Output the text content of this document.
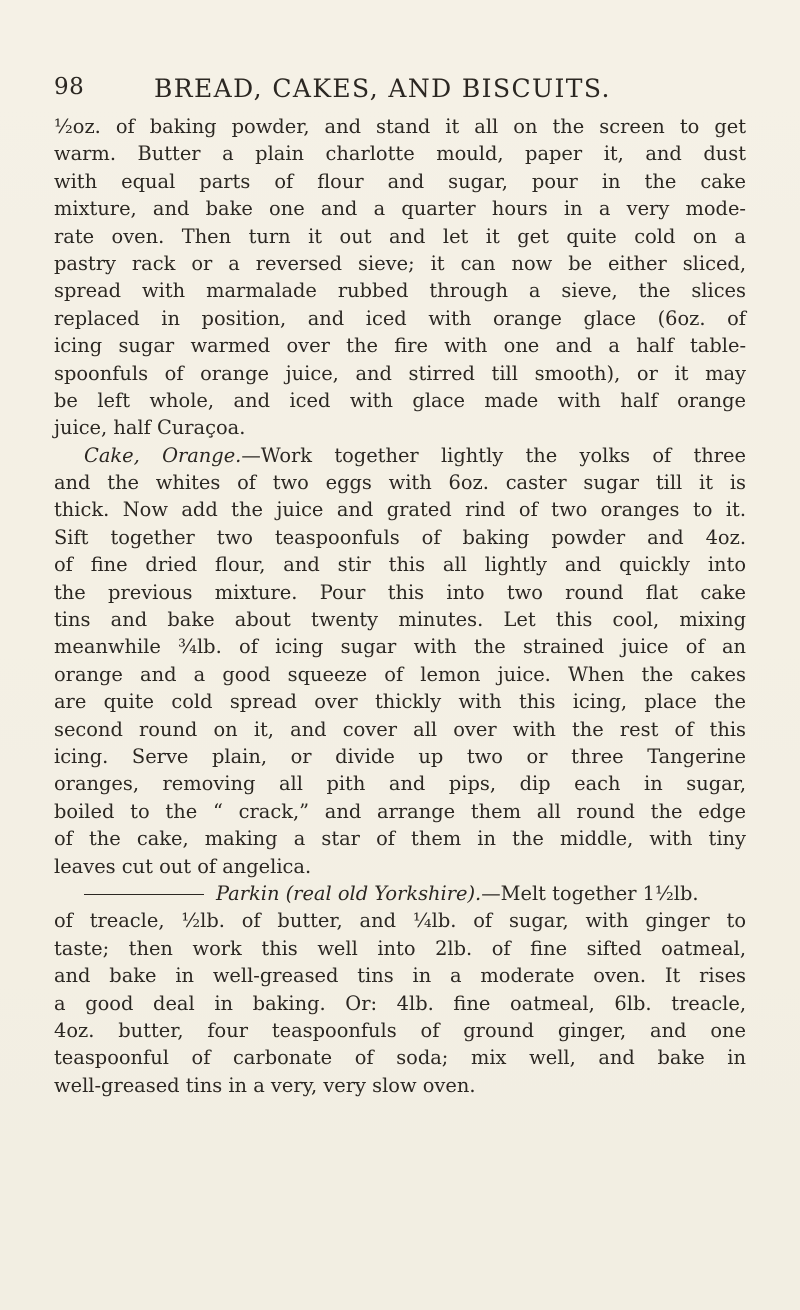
98	BREAD, CAKES, AND BISCUITS.
½oz. of baking powder, and stand it all on the screen to get
warm. Butter a plain charlotte mould, paper it, and dust
with equal parts of flour and sugar, pour in the cake
mixture, and bake one and a quarter hours in a very mode-
rate oven. Then turn it out and let it get quite cold on a
pastry rack or a reversed sieve; it can now be either sliced,
spread with marmalade rubbed through a sieve, the slices
replaced in position, and iced with orange glace (6oz. of
icing sugar warmed over the fire with one and a half table-
spoonfuls of orange juice, and stirred till smooth), or it may
be left whole, and iced with glace made with half orange
juice, half Curaçoa.
Cake, Orange.—Work together lightly the yolks of three
and the whites of two eggs with 6oz. caster sugar till it is
thick. Now add the juice and grated rind of two oranges to it.
Sift together two teaspoonfuls of baking powder and 4oz.
of fine dried flour, and stir this all lightly and quickly into
the previous mixture. Pour this into two round flat cake
tins and bake about twenty minutes. Let this cool, mixing
meanwhile ¾lb. of icing sugar with the strained juice of an
orange and a good squeeze of lemon juice. When the cakes
are quite cold spread over thickly with this icing, place the
second round on it, and cover all over with the rest of this
icing. Serve plain, or divide up two or three Tangerine
oranges, removing all pith and pips, dip each in sugar,
boiled to the “ crack,” and arrange them all round the edge
of the cake, making a star of them in the middle, with tiny
leaves cut out of angelica.
Parkin (real old Yorkshire).—Melt together 1½lb.
of treacle, ½lb. of butter, and ¼lb. of sugar, with ginger to
taste; then work this well into 2lb. of fine sifted oatmeal,
and bake in well-greased tins in a moderate oven. It rises
a good deal in baking. Or: 4lb. fine oatmeal, 6lb. treacle,
4oz. butter, four teaspoonfuls of ground ginger, and one
teaspoonful of carbonate of soda; mix well, and bake in
well-greased tins in a very, very slow oven.
